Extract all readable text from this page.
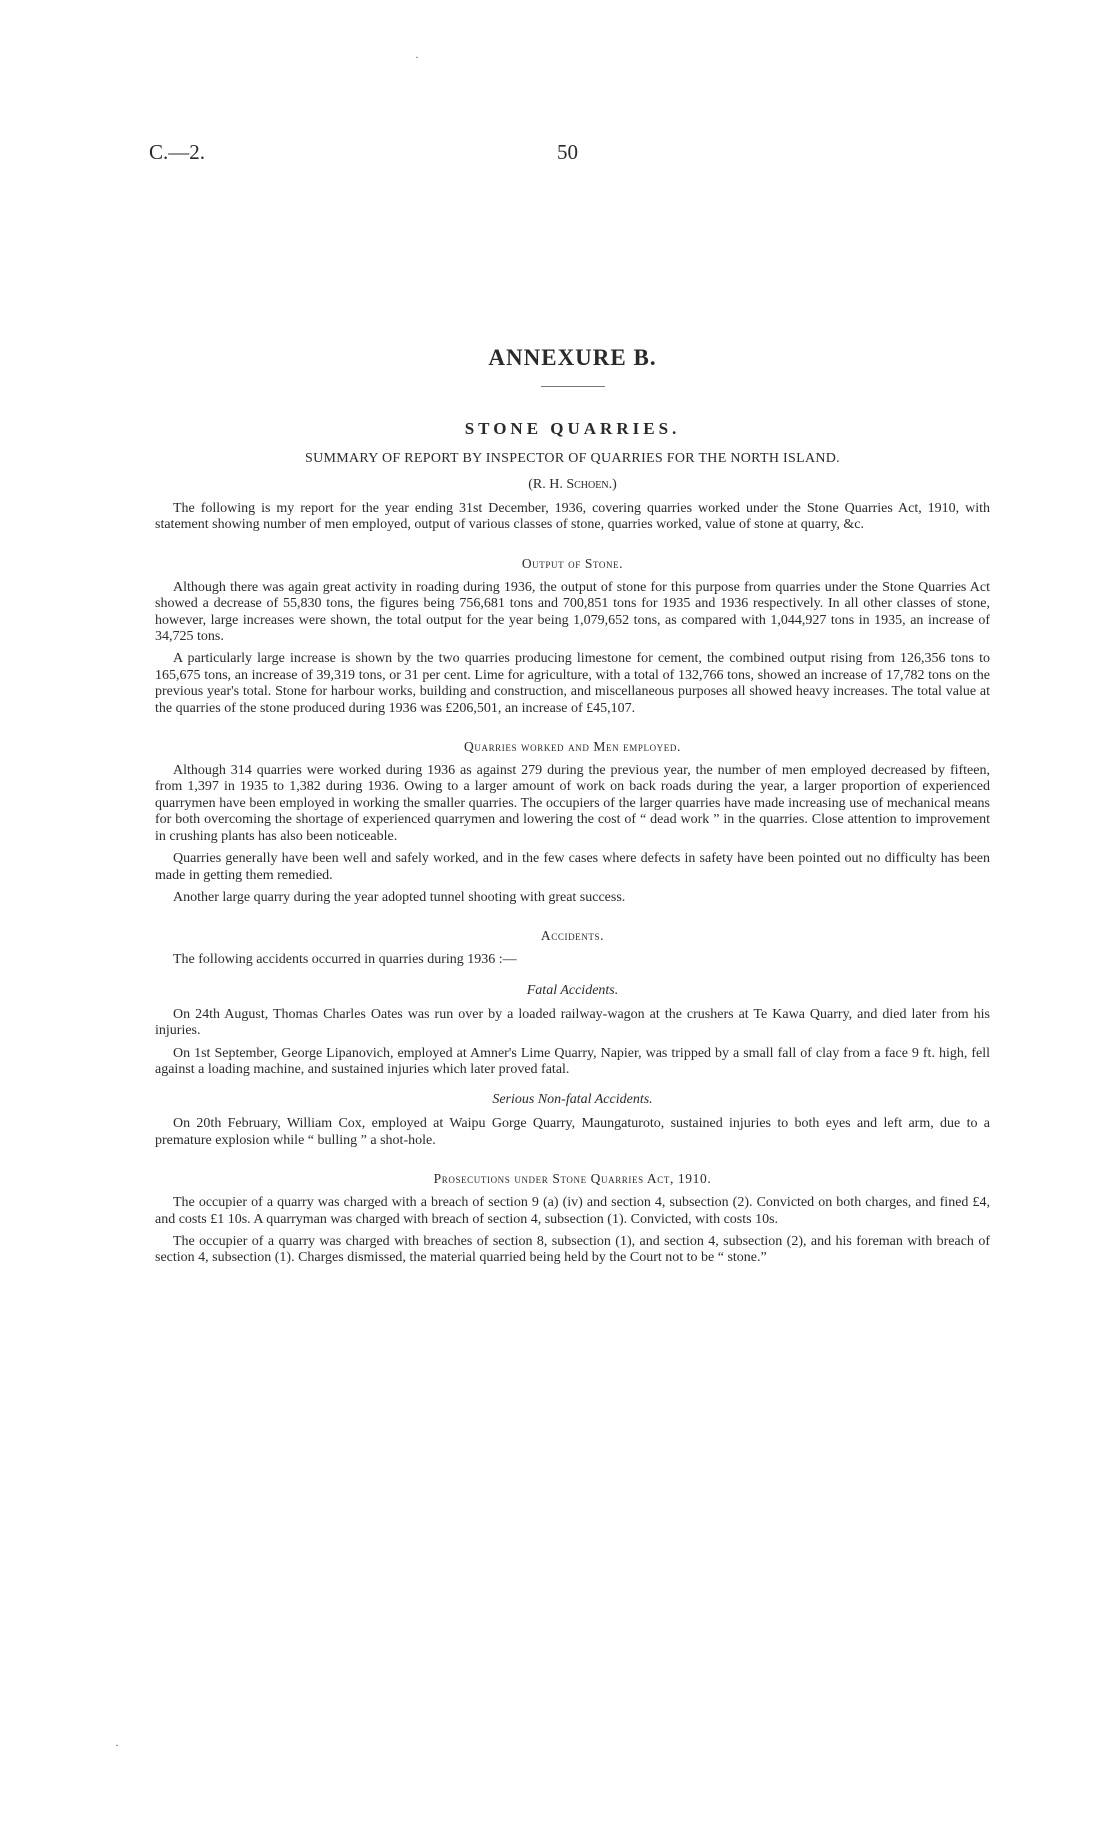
·
C.—2.	50
ANNEXURE B.
STONE QUARRIES.
SUMMARY OF REPORT BY INSPECTOR OF QUARRIES FOR THE NORTH ISLAND.
(R. H. Schoen.)

The following is my report for the year ending 31st December, 1936, covering quarries worked under the Stone Quarries Act, 1910, with statement showing number of men employed, output of various classes of stone, quarries worked, value of stone at quarry, &c.

Output of Stone.

Although there was again great activity in roading during 1936, the output of stone for this purpose from quarries under the Stone Quarries Act showed a decrease of 55,830 tons, the figures being 756,681 tons and 700,851 tons for 1935 and 1936 respectively. In all other classes of stone, however, large increases were shown, the total output for the year being 1,079,652 tons, as compared with 1,044,927 tons in 1935, an increase of 34,725 tons.

A particularly large increase is shown by the two quarries producing limestone for cement, the combined output rising from 126,356 tons to 165,675 tons, an increase of 39,319 tons, or 31 per cent. Lime for agriculture, with a total of 132,766 tons, showed an increase of 17,782 tons on the previous year's total. Stone for harbour works, building and construction, and miscellaneous purposes all showed heavy increases. The total value at the quarries of the stone produced during 1936 was £206,501, an increase of £45,107.

Quarries worked and Men employed.

Although 314 quarries were worked during 1936 as against 279 during the previous year, the number of men employed decreased by fifteen, from 1,397 in 1935 to 1,382 during 1936. Owing to a larger amount of work on back roads during the year, a larger proportion of experienced quarrymen have been employed in working the smaller quarries. The occupiers of the larger quarries have made increasing use of mechanical means for both overcoming the shortage of experienced quarrymen and lowering the cost of “ dead work ” in the quarries. Close attention to improvement in crushing plants has also been noticeable.

Quarries generally have been well and safely worked, and in the few cases where defects in safety have been pointed out no difficulty has been made in getting them remedied.

Another large quarry during the year adopted tunnel shooting with great success.

Accidents.

The following accidents occurred in quarries during 1936 :—

Fatal Accidents.

On 24th August, Thomas Charles Oates was run over by a loaded railway-wagon at the crushers at Te Kawa Quarry, and died later from his injuries.

On 1st September, George Lipanovich, employed at Amner's Lime Quarry, Napier, was tripped by a small fall of clay from a face 9 ft. high, fell against a loading machine, and sustained injuries which later proved fatal.

Serious Non-fatal Accidents.

On 20th February, William Cox, employed at Waipu Gorge Quarry, Maungaturoto, sustained injuries to both eyes and left arm, due to a premature explosion while “ bulling ” a shot-hole.

Prosecutions under Stone Quarries Act, 1910.

The occupier of a quarry was charged with a breach of section 9 (a) (iv) and section 4, subsection (2). Convicted on both charges, and fined £4, and costs £1 10s. A quarryman was charged with breach of section 4, subsection (1). Convicted, with costs 10s.

The occupier of a quarry was charged with breaches of section 8, subsection (1), and section 4, subsection (2), and his foreman with breach of section 4, subsection (1). Charges dismissed, the material quarried being held by the Court not to be “ stone.”

·
